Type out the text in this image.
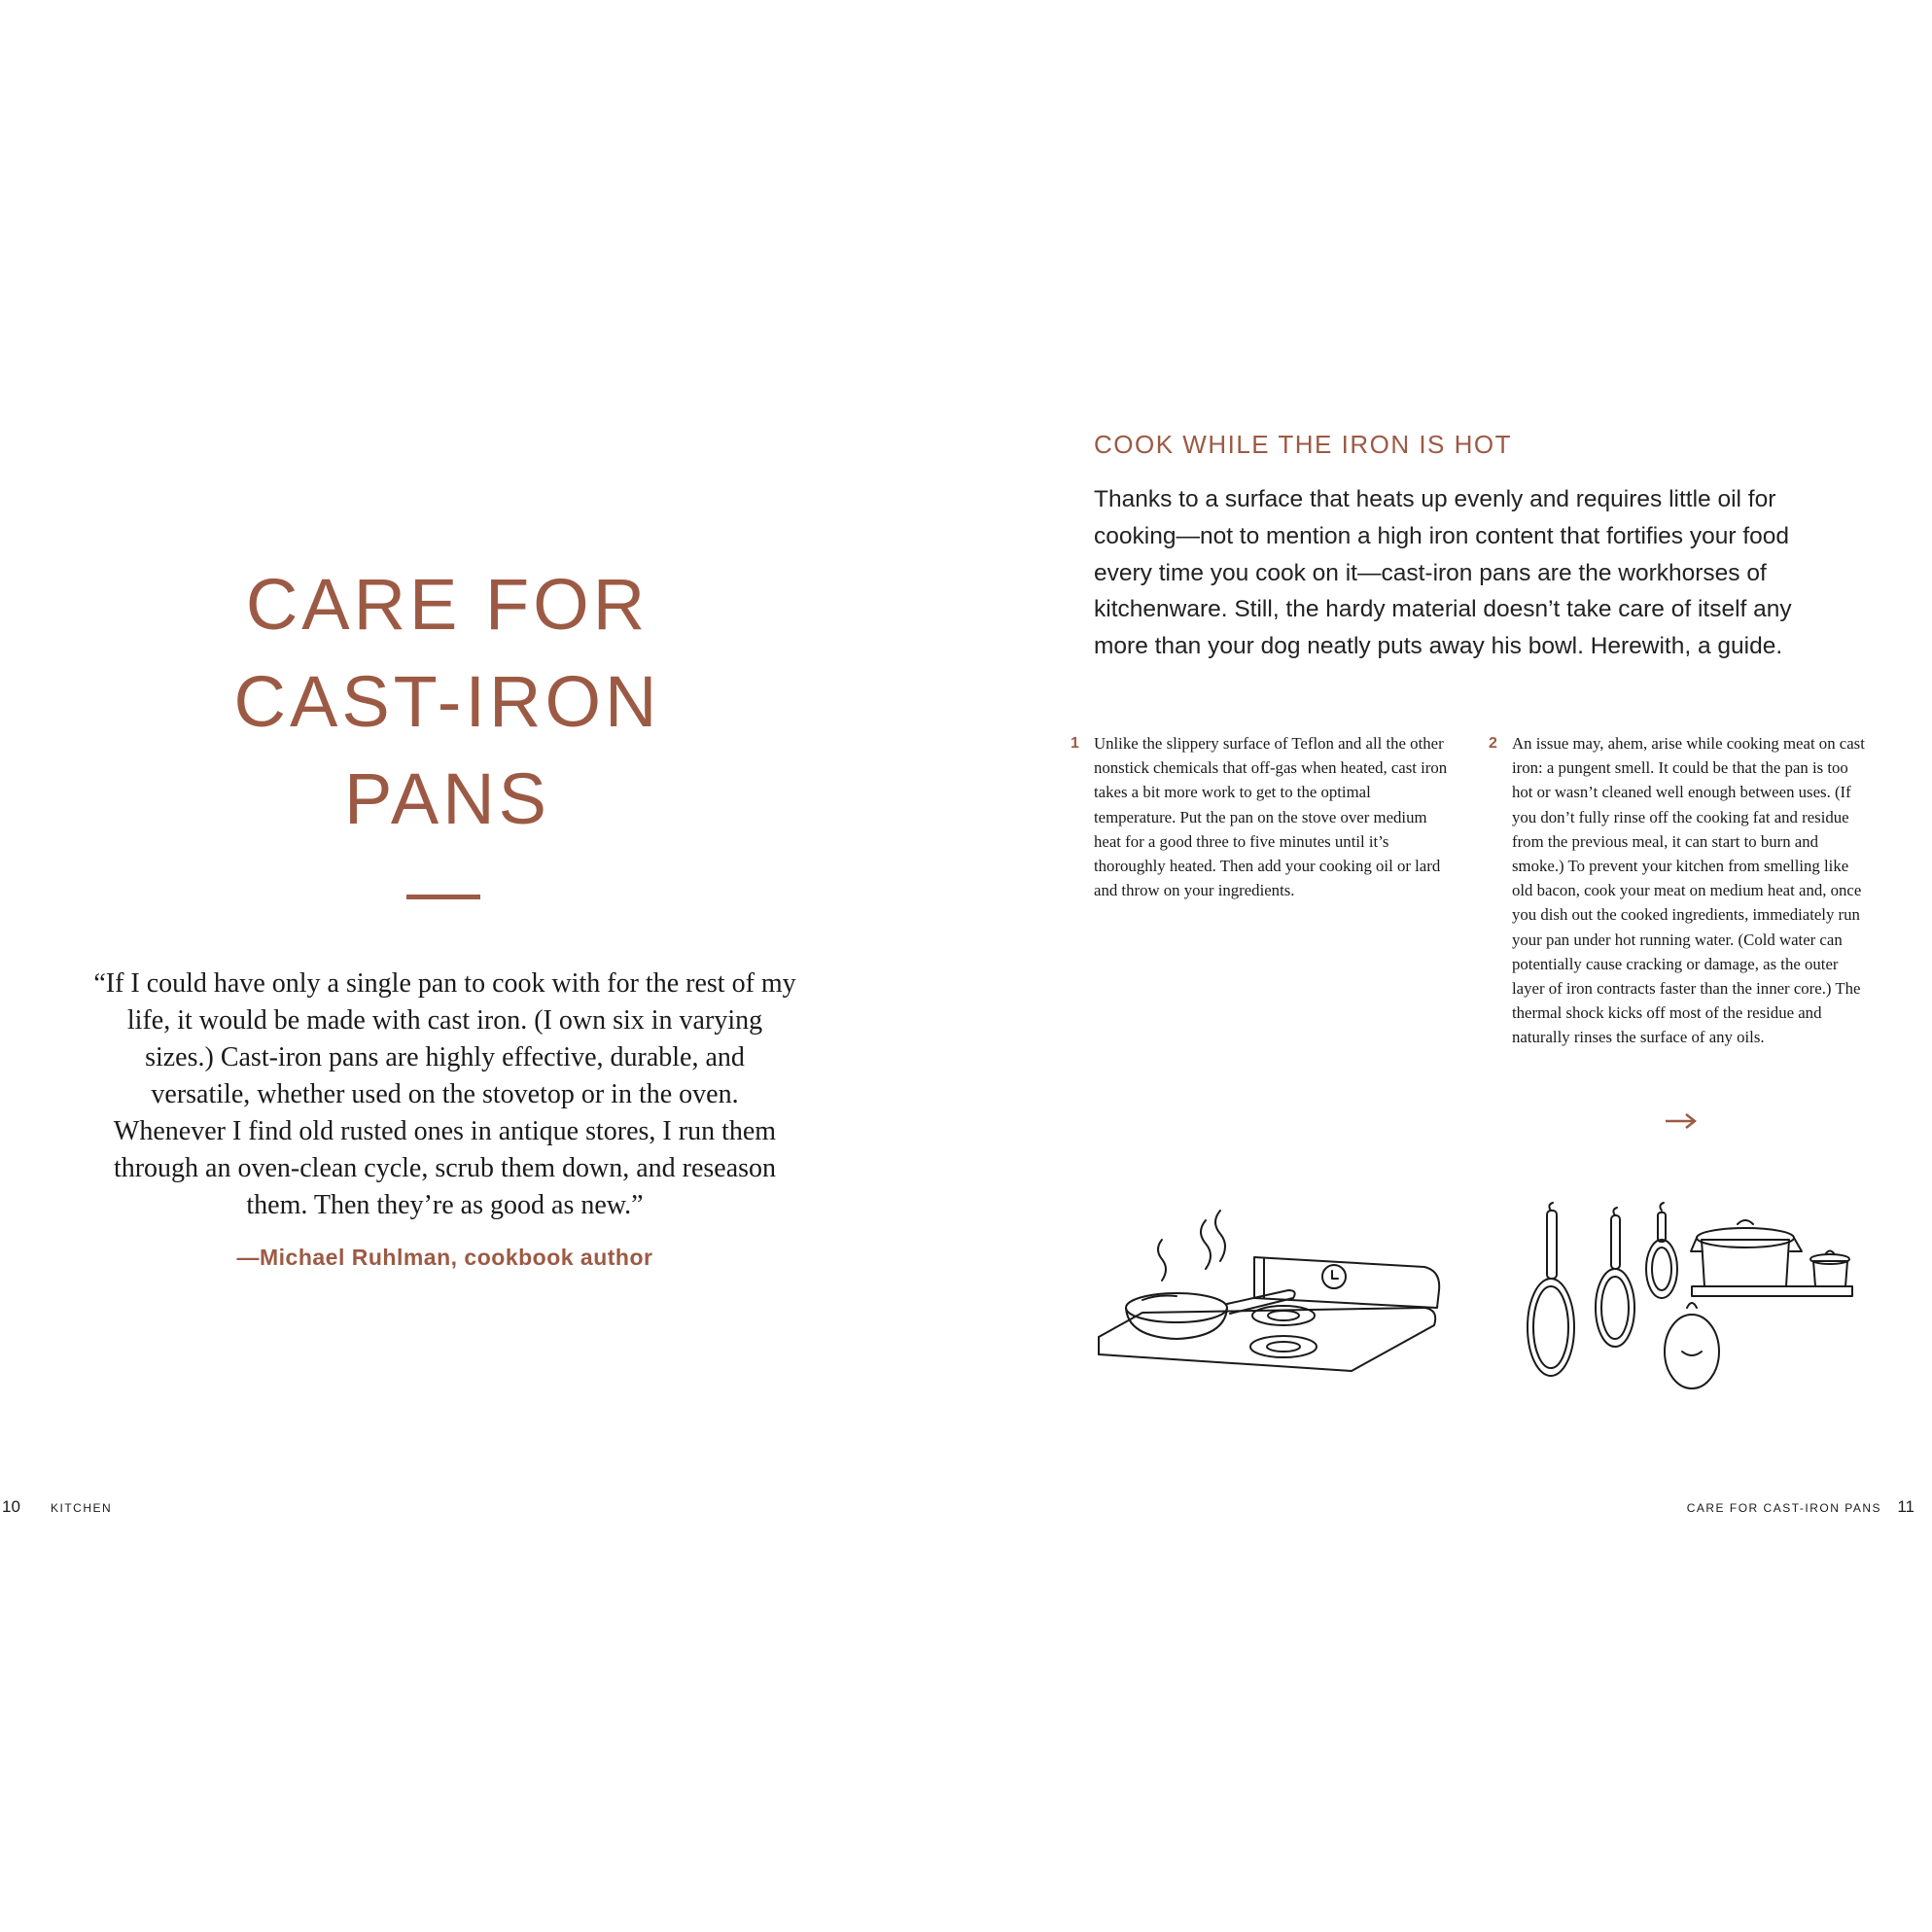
CARE FOR
CAST-IRON
PANS

“If I could have only a single pan to cook with for the rest of my life, it would be made with cast iron. (I own six in varying sizes.) Cast-iron pans are highly effective, durable, and versatile, whether used on the stovetop or in the oven. Whenever I find old rusted ones in antique stores, I run them through an oven-clean cycle, scrub them down, and reseason them. Then they’re as good as new.”

—Michael Ruhlman, cookbook author

COOK WHILE THE IRON IS HOT

Thanks to a surface that heats up evenly and requires little oil for cooking—not to mention a high iron content that fortifies your food every time you cook on it—cast-iron pans are the workhorses of kitchenware. Still, the hardy material doesn’t take care of itself any more than your dog neatly puts away his bowl. Herewith, a guide.

1 Unlike the slippery surface of Teflon and all the other nonstick chemicals that off-gas when heated, cast iron takes a bit more work to get to the optimal temperature. Put the pan on the stove over medium heat for a good three to five minutes until it’s thoroughly heated. Then add your cooking oil or lard and throw on your ingredients.

2 An issue may, ahem, arise while cooking meat on cast iron: a pungent smell. It could be that the pan is too hot or wasn’t cleaned well enough between uses. (If you don’t fully rinse off the cooking fat and residue from the previous meal, it can start to burn and smoke.) To prevent your kitchen from smelling like old bacon, cook your meat on medium heat and, once you dish out the cooked ingredients, immediately run your pan under hot running water. (Cold water can potentially cause cracking or damage, as the outer layer of iron contracts faster than the inner core.) The thermal shock kicks off most of the residue and naturally rinses the surface of any oils.

10	KITCHEN	CARE FOR CAST-IRON PANS 11
